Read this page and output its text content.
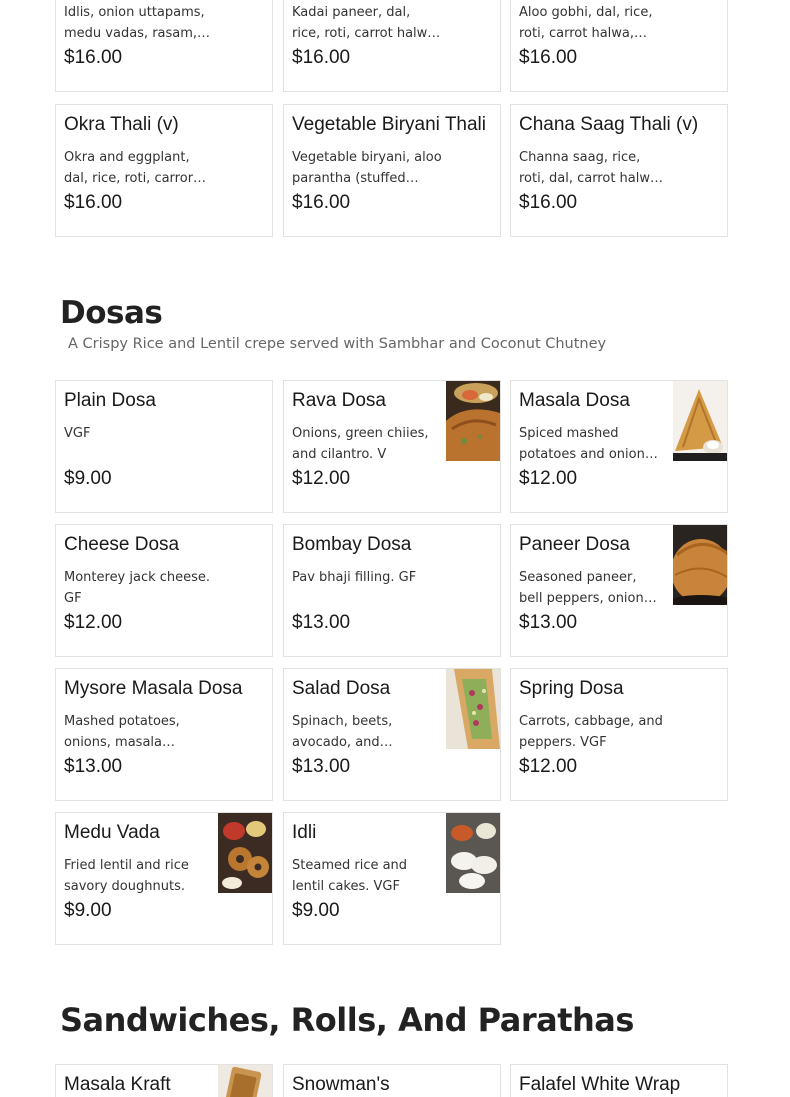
Idlis, onion uttapams, medu vadas, rasam,
$16.00
Kadai paneer, dal, rice, roti, carrot halwa,
$16.00
Aloo gobhi, dal, rice, roti, carrot halwa,
$16.00
Okra Thali (v)
Okra and eggplant, dal, rice, roti, carror
$16.00
Vegetable Biryani Thali
Vegetable biryani, aloo parantha (stuffed
$16.00
Chana Saag Thali (v)
Channa saag, rice, roti, dal, carrot halwa,
$16.00
Dosas
A Crispy Rice and Lentil crepe served with Sambhar and Coconut Chutney
Plain Dosa
VGF
$9.00
Rava Dosa
Onions, green chiies, and cilantro. V
$12.00
Masala Dosa
Spiced mashed potatoes and onions.
$12.00
Cheese Dosa
Monterey jack cheese. GF
$12.00
Bombay Dosa
Pav bhaji filling. GF
$13.00
Paneer Dosa
Seasoned paneer, bell peppers, onions,
$13.00
Mysore Masala Dosa
Mashed potatoes, onions, masala
$13.00
Salad Dosa
Spinach, beets, avocado, and
$13.00
Spring Dosa
Carrots, cabbage, and peppers. VGF
$12.00
Medu Vada
Fried lentil and rice savory doughnuts.
$9.00
Idli
Steamed rice and lentil cakes. VGF
$9.00
Sandwiches, Rolls, And Parathas
Masala Kraft	Snowman's	Falafel White Wrap
